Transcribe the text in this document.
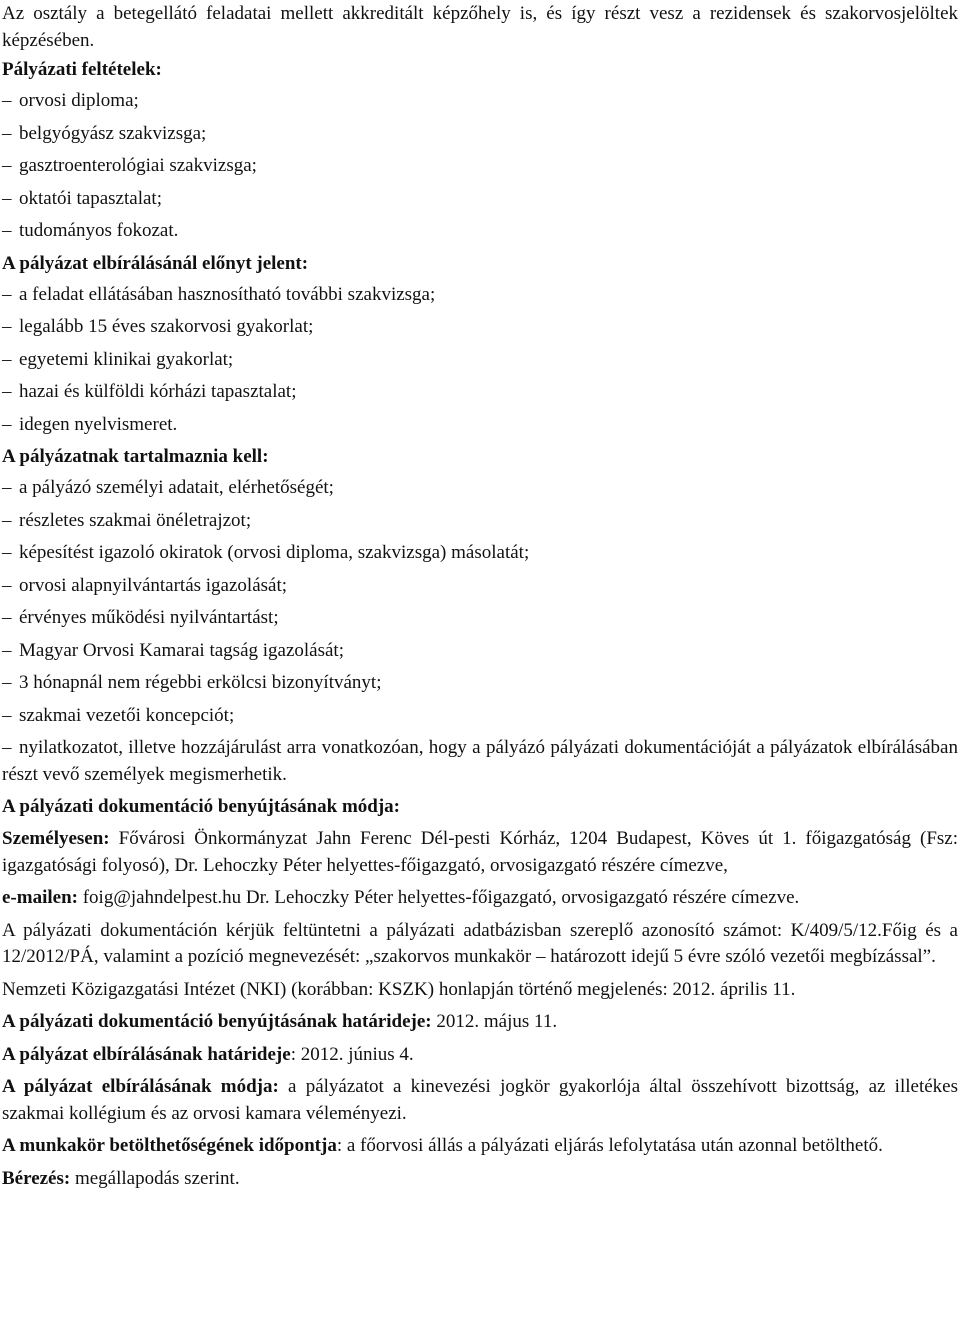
Az osztály a betegellátó feladatai mellett akkreditált képzőhely is, és így részt vesz a rezidensek és szakorvosjelöltek képzésében.

Pályázati feltételek:

– orvosi diploma;

– belgyógyász szakvizsga;

– gasztroenterológiai szakvizsga;

– oktatói tapasztalat;

– tudományos fokozat.

A pályázat elbírálásánál előnyt jelent:

– a feladat ellátásában hasznosítható további szakvizsga;

– legalább 15 éves szakorvosi gyakorlat;

– egyetemi klinikai gyakorlat;

– hazai és külföldi kórházi tapasztalat;

– idegen nyelvismeret.

A pályázatnak tartalmaznia kell:

– a pályázó személyi adatait, elérhetőségét;

– részletes szakmai önéletrajzot;

– képesítést igazoló okiratok (orvosi diploma, szakvizsga) másolatát;

– orvosi alapnyilvántartás igazolását;

– érvényes működési nyilvántartást;

– Magyar Orvosi Kamarai tagság igazolását;

– 3 hónapnál nem régebbi erkölcsi bizonyítványt;

– szakmai vezetői koncepciót;

– nyilatkozatot, illetve hozzájárulást arra vonatkozóan, hogy a pályázó pályázati dokumentációját a pályázatok elbírálásában részt vevő személyek megismerhetik.

A pályázati dokumentáció benyújtásának módja:

Személyesen: Fővárosi Önkormányzat Jahn Ferenc Dél-pesti Kórház, 1204 Budapest, Köves út 1. főigazgatóság (Fsz: igazgatósági folyosó), Dr. Lehoczky Péter helyettes-főigazgató, orvosigazgató részére címezve,

e-mailen: foig@jahndelpest.hu Dr. Lehoczky Péter helyettes-főigazgató, orvosigazgató részére címezve.

A pályázati dokumentáción kérjük feltüntetni a pályázati adatbázisban szereplő azonosító számot: K/409/5/12.Főig és a 12/2012/PÁ, valamint a pozíció megnevezését: „szakorvos munkakör – határozott idejű 5 évre szóló vezetői megbízással”.

Nemzeti Közigazgatási Intézet (NKI) (korábban: KSZK) honlapján történő megjelenés: 2012. április 11.

A pályázati dokumentáció benyújtásának határideje: 2012. május 11.

A pályázat elbírálásának határideje: 2012. június 4.

A pályázat elbírálásának módja: a pályázatot a kinevezési jogkör gyakorlója által összehívott bizottság, az illetékes szakmai kollégium és az orvosi kamara véleményezi.

A munkakör betölthetőségének időpontja: a főorvosi állás a pályázati eljárás lefolytatása után azonnal betölthető.

Bérezés: megállapodás szerint.
